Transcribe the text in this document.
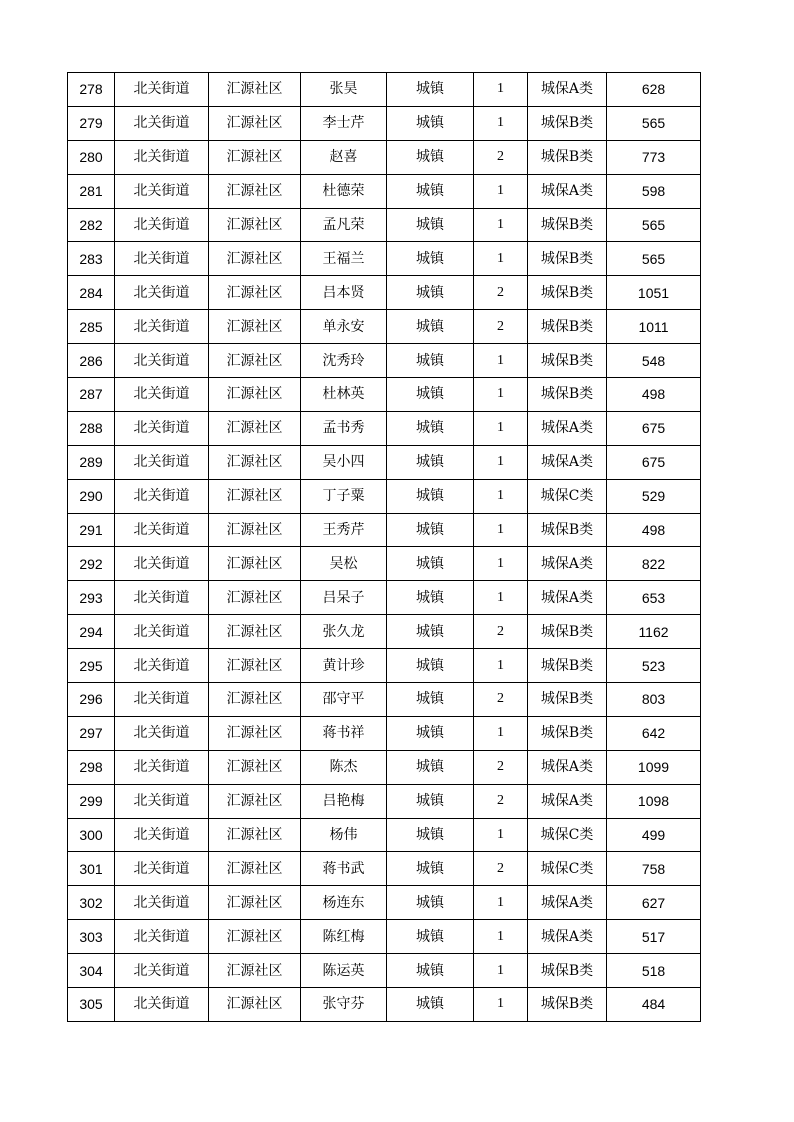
278	北关街道	汇源社区	张昊	城镇	1	城保A类	628
279	北关街道	汇源社区	李士芹	城镇	1	城保B类	565
280	北关街道	汇源社区	赵喜	城镇	2	城保B类	773
281	北关街道	汇源社区	杜德荣	城镇	1	城保A类	598
282	北关街道	汇源社区	孟凡荣	城镇	1	城保B类	565
283	北关街道	汇源社区	王福兰	城镇	1	城保B类	565
284	北关街道	汇源社区	吕本贤	城镇	2	城保B类	1051
285	北关街道	汇源社区	单永安	城镇	2	城保B类	1011
286	北关街道	汇源社区	沈秀玲	城镇	1	城保B类	548
287	北关街道	汇源社区	杜林英	城镇	1	城保B类	498
288	北关街道	汇源社区	孟书秀	城镇	1	城保A类	675
289	北关街道	汇源社区	吴小四	城镇	1	城保A类	675
290	北关街道	汇源社区	丁子粟	城镇	1	城保C类	529
291	北关街道	汇源社区	王秀芹	城镇	1	城保B类	498
292	北关街道	汇源社区	吴松	城镇	1	城保A类	822
293	北关街道	汇源社区	吕呆子	城镇	1	城保A类	653
294	北关街道	汇源社区	张久龙	城镇	2	城保B类	1162
295	北关街道	汇源社区	黄计珍	城镇	1	城保B类	523
296	北关街道	汇源社区	邵守平	城镇	2	城保B类	803
297	北关街道	汇源社区	蒋书祥	城镇	1	城保B类	642
298	北关街道	汇源社区	陈杰	城镇	2	城保A类	1099
299	北关街道	汇源社区	吕艳梅	城镇	2	城保A类	1098
300	北关街道	汇源社区	杨伟	城镇	1	城保C类	499
301	北关街道	汇源社区	蒋书武	城镇	2	城保C类	758
302	北关街道	汇源社区	杨连东	城镇	1	城保A类	627
303	北关街道	汇源社区	陈红梅	城镇	1	城保A类	517
304	北关街道	汇源社区	陈运英	城镇	1	城保B类	518
305	北关街道	汇源社区	张守芬	城镇	1	城保B类	484
